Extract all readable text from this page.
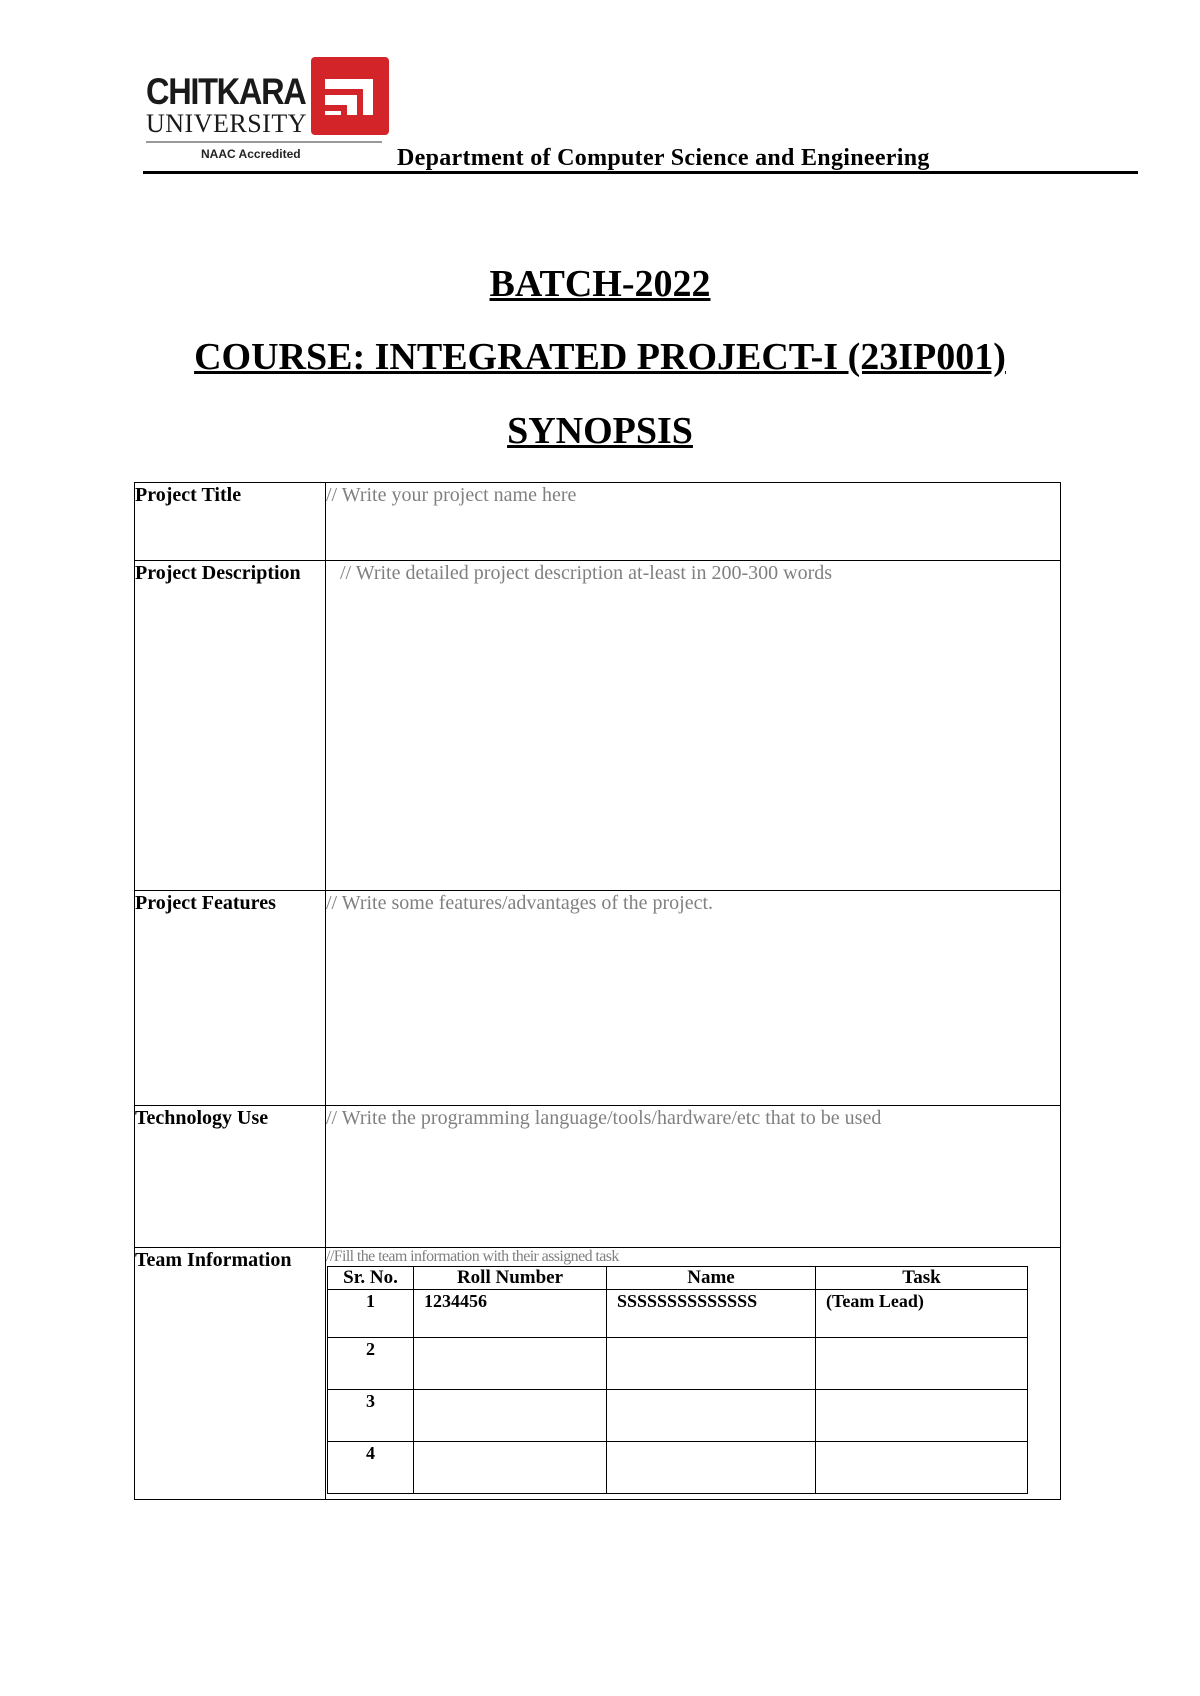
CHITKARA
UNIVERSITY
NAAC Accredited	Department of Computer Science and Engineering
BATCH-2022
COURSE: INTEGRATED PROJECT-I (23IP001)
SYNOPSIS
Project Title	// Write your project name here

Project Description	// Write detailed project description at-least in 200-300 words

Project Features	// Write some features/advantages of the project.

Technology Use	// Write the programming language/tools/hardware/etc that to be used

Team Information	//Fill the team information with their assigned task
Sr. No.	Roll Number	Name	Task
1	1234456	SSSSSSSSSSSSSS	(Team Lead)
2			
3			
4			
